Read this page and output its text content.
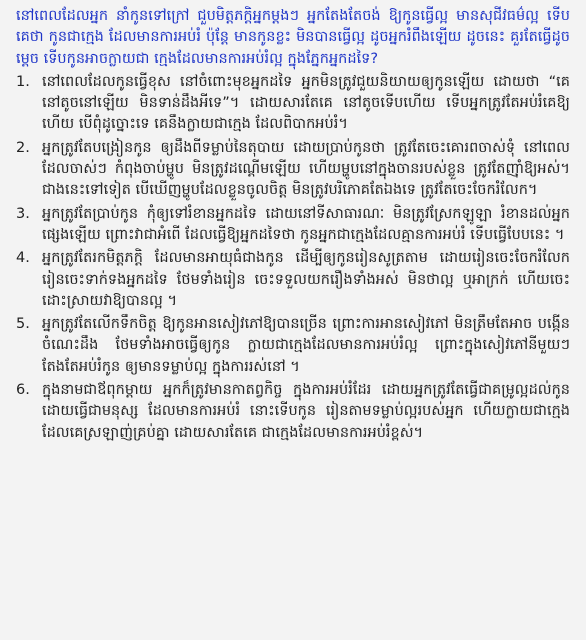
នៅពេលដែលអ្នក នាំកូនទៅក្រៅ ជួបមិត្តភក្តិអ្នកម្តងៗ អ្នកតែងតែចង់ ឱ្យកូនធ្វើល្អ មានសុជីវធម៌ល្អ ទើបគេថា កូនជាក្មេង ដែលមានការអប់រំ ប៉ុន្តែ មានកូនខ្លះ មិនបានធ្វើល្អ ដូចអ្នករំពឹងឡើយ ដូចនេះ គួរតែធ្វើដូចម្តេច ទើបកូនអាចក្លាយជា ក្មេងដែលមានការអប់រំល្អ ក្នុងភ្នែកអ្នកដទៃ?

1. នៅពេលដែលកូនធ្វើខុស នៅចំពោះមុខអ្នកដទៃ អ្នកមិនត្រូវជួយនិយាយឲ្យកូនឡើយ ដោយថា “គេនៅតូចនៅឡើយ មិនទាន់ដឹងអីទេ”។ ដោយសារតែគេ នៅតូចទើបហើយ ទើបអ្នកត្រូវតែអប់រំគេឱ្យហើយ បើពុំដូច្នោះទេ គេនឹងក្លាយជាក្មេង ដែលពិបាកអប់រំ។
2. អ្នកត្រូវតែបង្រៀនកូន ឲ្យដឹងពីទម្លាប់នៃតុបាយ ដោយប្រាប់កូនថា ត្រូវតែចេះគោរពចាស់ទុំ នៅពេលដែលចាស់ៗ កំពុងចាប់ម្ហូប មិនត្រូវដណ្តើមឡើយ ហើយម្ហូបនៅក្នុងចានរបស់ខ្លួន ត្រូវតែញ៉ាំឱ្យអស់។ ជាងនេះទៅទៀត បើឃើញម្ហូបដែលខ្លួនចូលចិត្ត មិនត្រូវបរិភោគតែឯងទេ ត្រូវតែចេះចែករំលែក។
3. អ្នកត្រូវតែប្រាប់កូន កុំឲ្យទៅរំខានអ្នកដទៃ ដោយនៅទីសាធារណៈ មិនត្រូវស្រែកឡូឡា រំខានដល់អ្នកផ្សេងឡើយ ព្រោះវាជាអំពើ ដែលធ្វើឱ្យអ្នកដទៃថា កូនអ្នកជាក្មេងដែលគ្មានការអប់រំ ទើបធ្វើបែបនេះ ។
4. អ្នកត្រូវតែរកមិត្តភក្តិ ដែលមានអាយុធំជាងកូន ដើម្បីឲ្យកូនរៀនសូត្រតាម ដោយរៀនចេះចែករំលែក រៀនចេះទាក់ទងអ្នកដទៃ ថែមទាំងរៀន ចេះទទួលយករឿងទាំងអស់ មិនថាល្អ ឬអាក្រក់ ហើយចេះដោះស្រាយវាឱ្យបានល្អ ។
5. អ្នកត្រូវតែលើកទឹកចិត្ត ឱ្យកូនអានសៀវភៅឱ្យបានច្រើន ព្រោះការអានសៀវភៅ មិនត្រឹមតែអាច បង្កើនចំណេះដឹង ថែមទាំងអាចធ្វើឲ្យកូន ក្លាយជាក្មេងដែលមានការអប់រំល្អ ព្រោះក្នុងសៀវភៅនីមួយៗ តែងតែអប់រំកូន ឲ្យមានទម្លាប់ល្អ ក្នុងការរស់នៅ ។
6. ក្នុងនាមជាឪពុកម្តាយ អ្នកក៏ត្រូវមានកាតព្វកិច្ច ក្នុងការអប់រំដែរ ដោយអ្នកត្រូវតែធ្វើជាគម្រូល្អដល់កូន ដោយធ្វើជាមនុស្ស ដែលមានការអប់រំ នោះទើបកូន រៀនតាមទម្លាប់ល្អរបស់អ្នក ហើយក្លាយជាក្មេង ដែលគេស្រឡាញ់គ្រប់គ្នា ដោយសារតែគេ ជាក្មេងដែលមានការអប់រំខ្ពស់។
